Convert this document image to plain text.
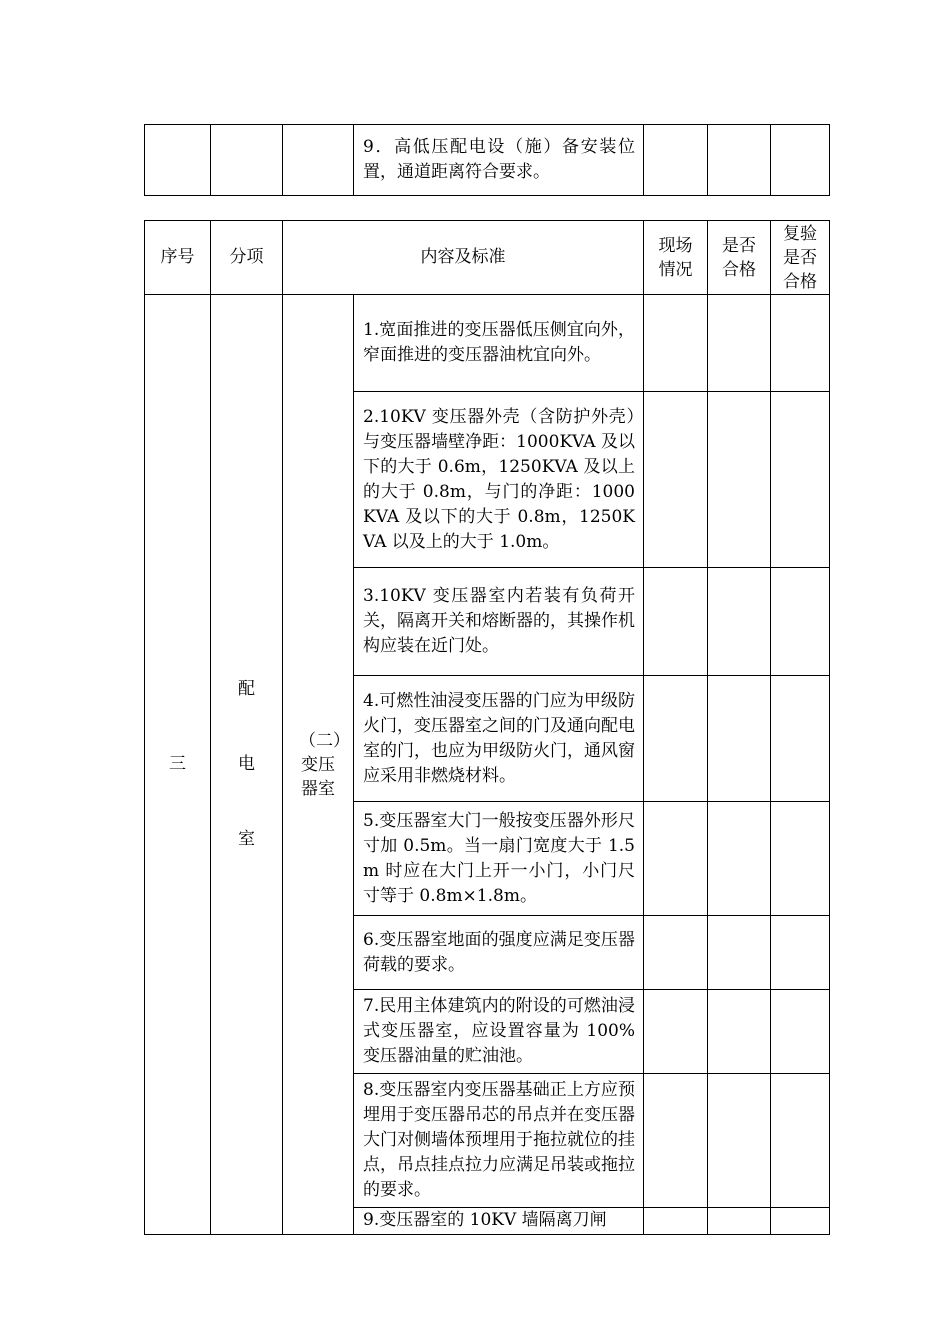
			9．高低压配电设（施）备安装位置，通道距离符合要求。			
序号	分项	内容及标准		现场情况	是否合格	复验是否合格
三	配电室	（二）变压器室	1.宽面推进的变压器低压侧宜向外，窄面推进的变压器油枕宜向外。			
			2.10KV 变压器外壳（含防护外壳）与变压器墙壁净距：1000KVA 及以下的大于 0.6m，1250KVA 及以上的大于 0.8m，与门的净距：1000KVA 及以下的大于 0.8m，1250KVA 以及上的大于 1.0m。			
			3.10KV 变压器室内若装有负荷开关，隔离开关和熔断器的，其操作机构应装在近门处。			
			4.可燃性油浸变压器的门应为甲级防火门，变压器室之间的门及通向配电室的门，也应为甲级防火门，通风窗应采用非燃烧材料。			
			5.变压器室大门一般按变压器外形尺寸加 0.5m。当一扇门宽度大于 1.5m 时应在大门上开一小门，小门尺寸等于 0.8m×1.8m。			
			6.变压器室地面的强度应满足变压器荷载的要求。			
			7.民用主体建筑内的附设的可燃油浸式变压器室，应设置容量为 100%变压器油量的贮油池。			
			8.变压器室内变压器基础正上方应预埋用于变压器吊芯的吊点并在变压器大门对侧墙体预埋用于拖拉就位的挂点，吊点挂点拉力应满足吊装或拖拉的要求。			
			9.变压器室的 10KV 墙隔离刀闸			
